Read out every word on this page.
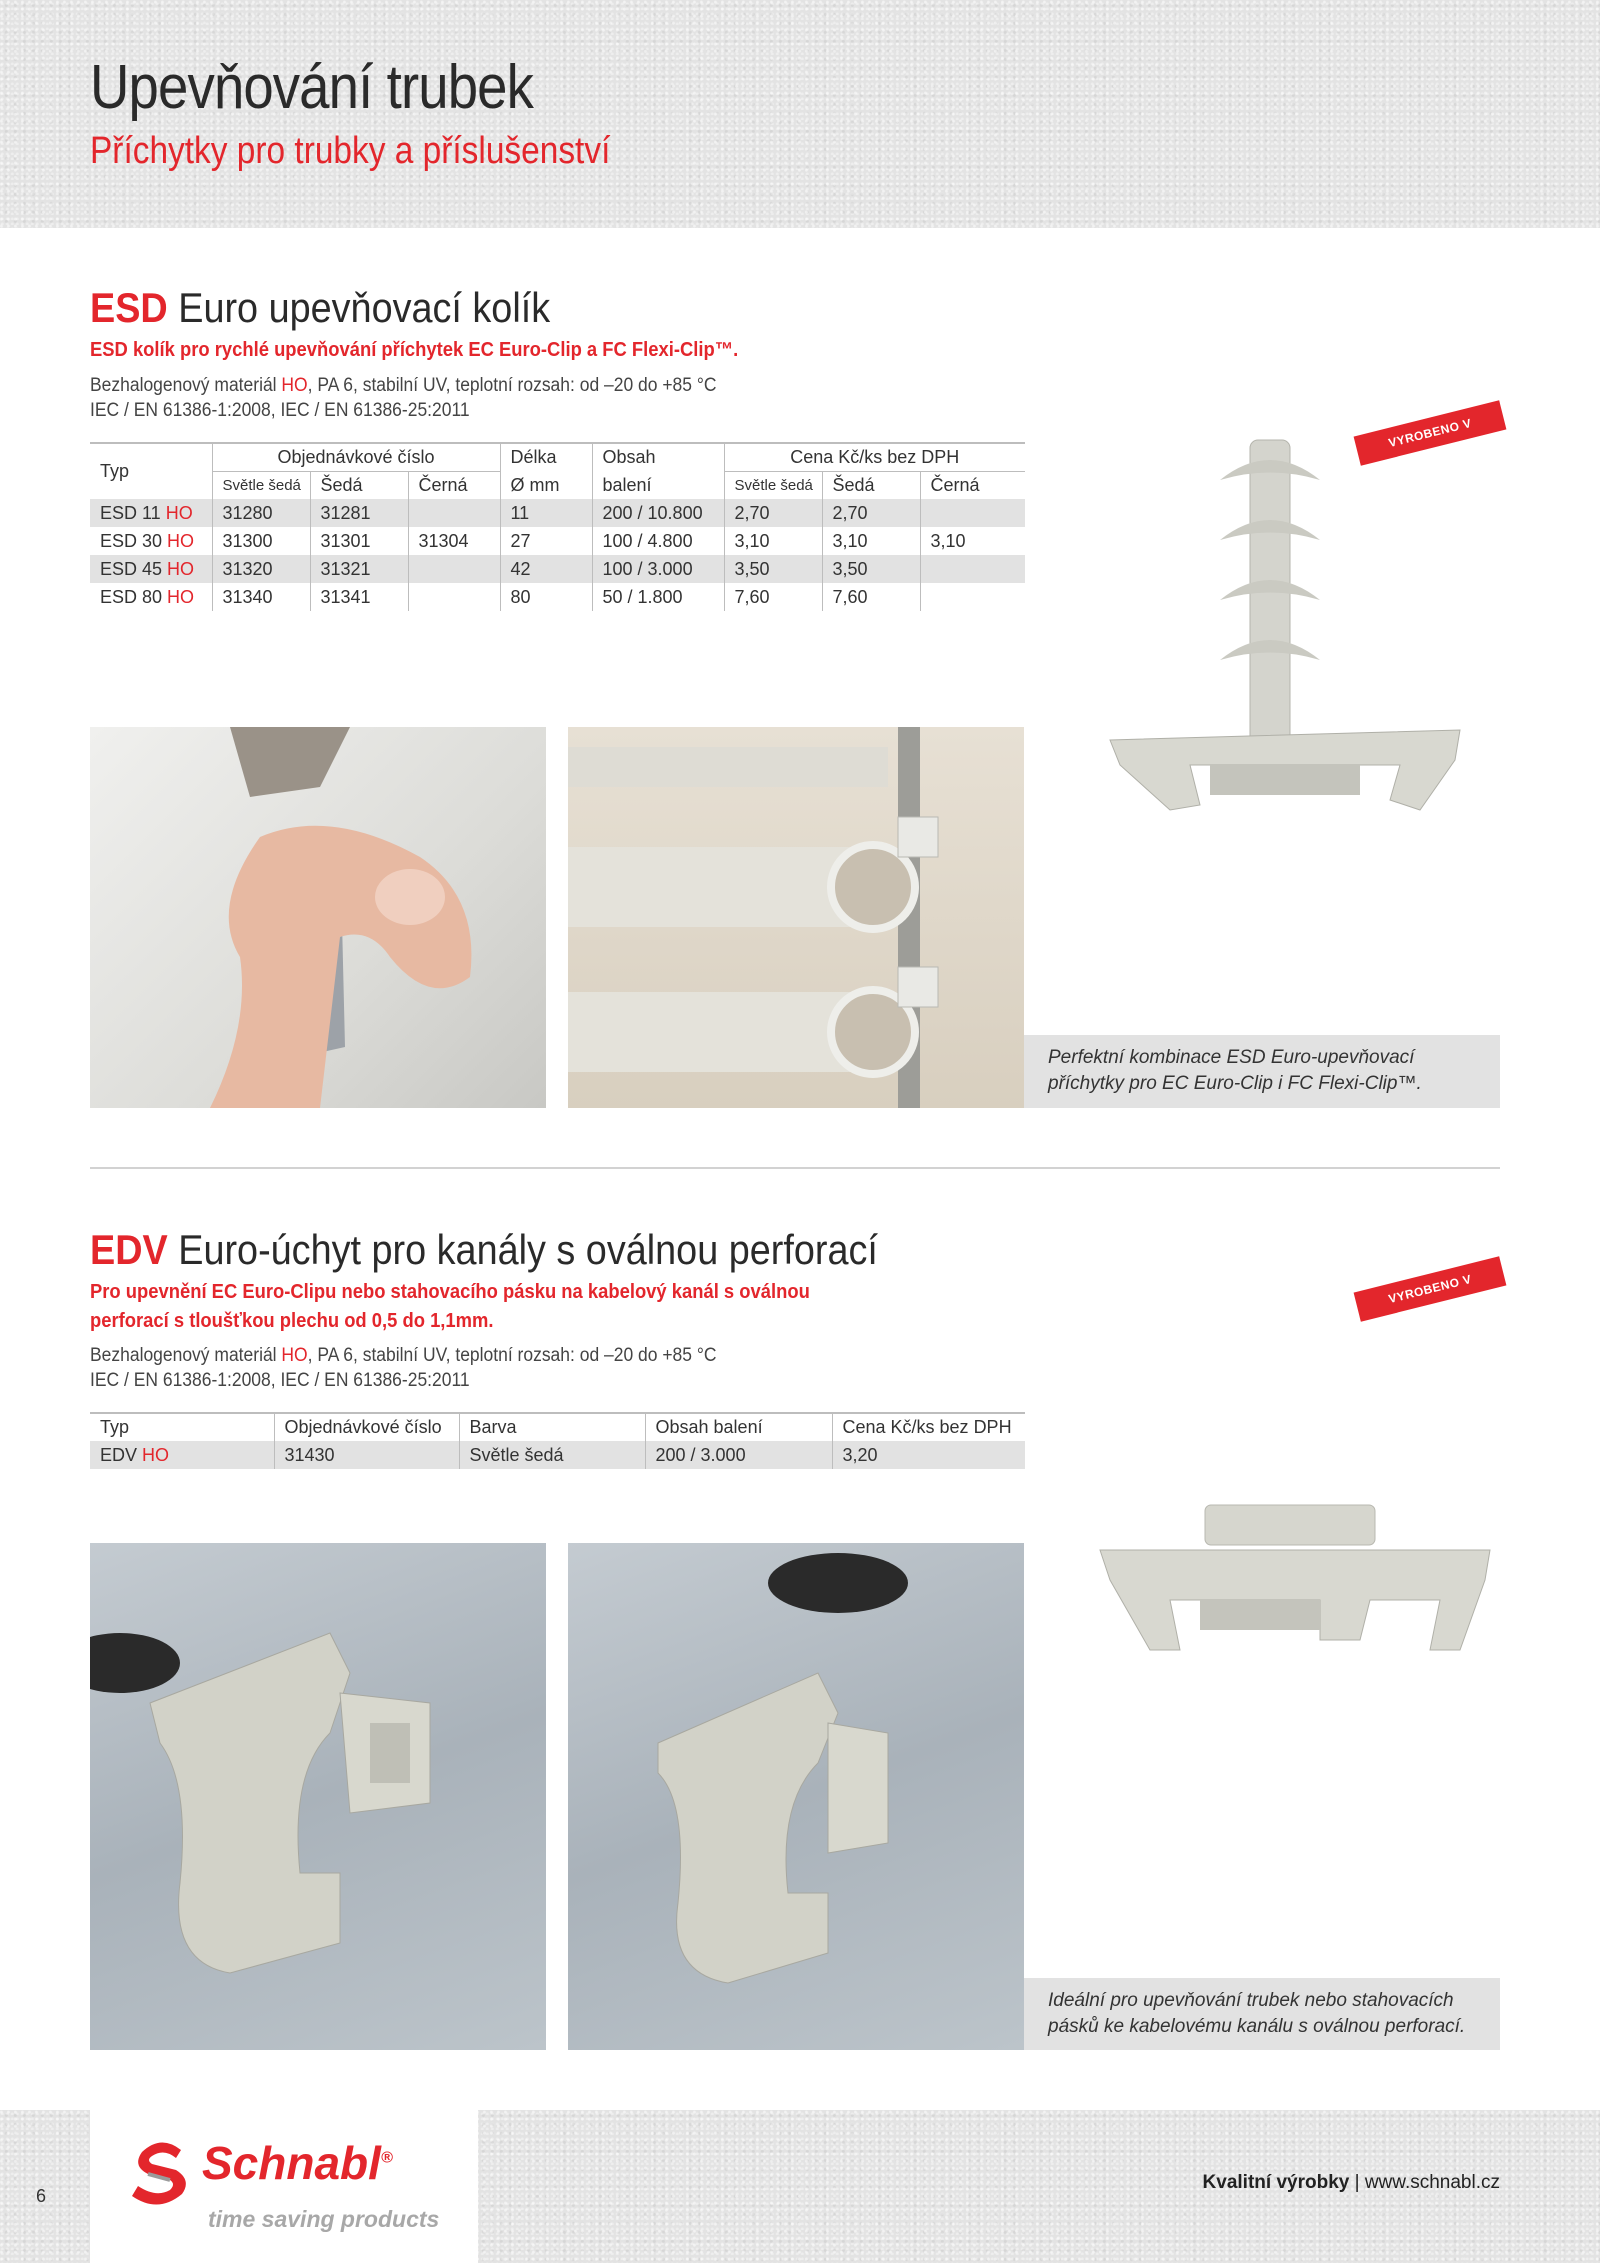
Upevňování trubek
Příchytky pro trubky a příslušenství
ESD Euro upevňovací kolík
ESD kolík pro rychlé upevňování příchytek EC Euro-Clip a FC Flexi-Clip™.
Bezhalogenový materiál HO, PA 6, stabilní UV, teplotní rozsah: od –20 do +85 °C
IEC / EN 61386-1:2008, IEC / EN 61386-25:2011
Typ	Objednávkové číslo			Délka	Obsah	Cena Kč/ks bez DPH		
	Světle šedá	Šedá	Černá	Ø mm	balení	Světle šedá	Šedá	Černá
ESD 11 HO	31280	31281		11	200 / 10.800	2,70	2,70	
ESD 30 HO	31300	31301	31304	27	100 / 4.800	3,10	3,10	3,10
ESD 45 HO	31320	31321		42	100 / 3.000	3,50	3,50	
ESD 80 HO	31340	31341		80	50 / 1.800	7,60	7,60	
VYROBENO V RAKOUSKU
Perfektní kombinace ESD Euro-upevňovací příchytky pro EC Euro-Clip i FC Flexi-Clip™.
EDV Euro-úchyt pro kanály s oválnou perforací
Pro upevnění EC Euro-Clipu nebo stahovacího pásku na kabelový kanál s oválnou
perforací s tloušťkou plechu od 0,5 do 1,1mm.
Bezhalogenový materiál HO, PA 6, stabilní UV, teplotní rozsah: od –20 do +85 °C
IEC / EN 61386-1:2008, IEC / EN 61386-25:2011
Typ	Objednávkové číslo	Barva	Obsah balení	Cena Kč/ks bez DPH
EDV HO	31430	Světle šedá	200 / 3.000	3,20
VYROBENO V RAKOUSKU
Ideální pro upevňování trubek nebo stahovacích pásků ke kabelovému kanálu s oválnou perforací.
Schnabl®
time saving products
6
Kvalitní výrobky | www.schnabl.cz
